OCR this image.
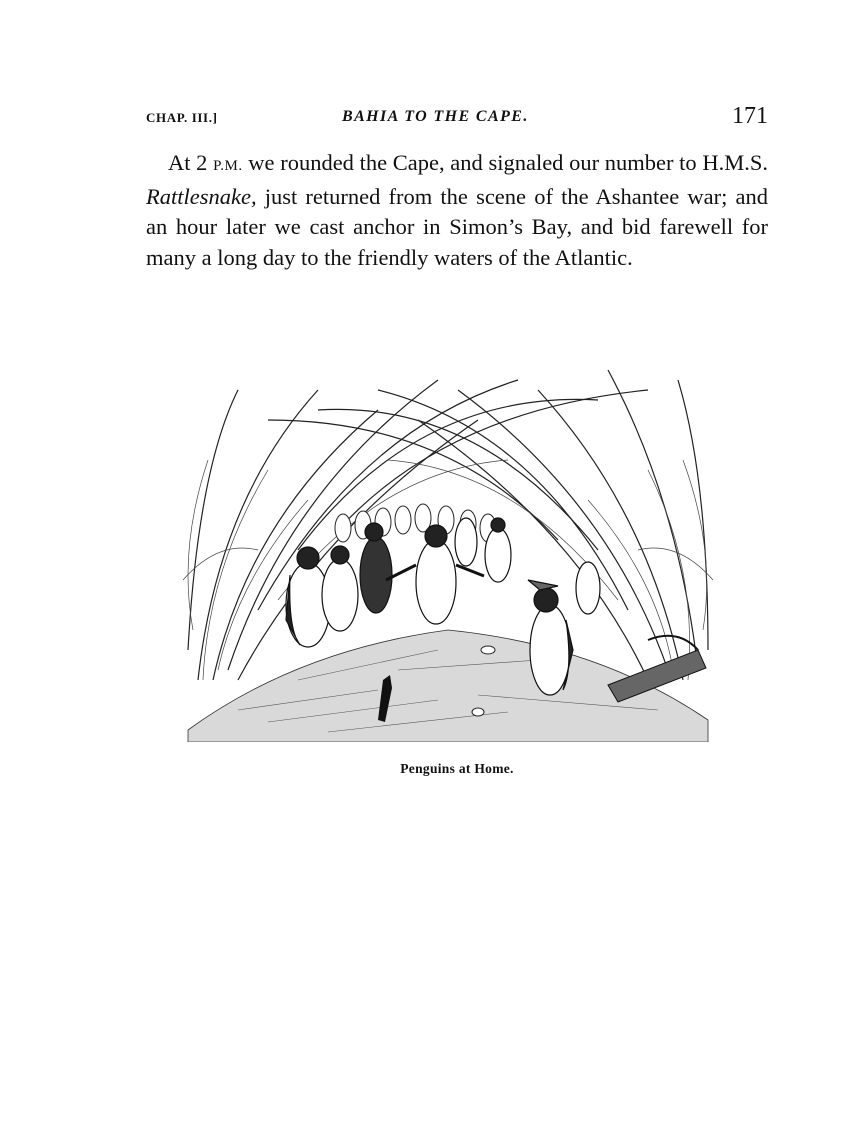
CHAP. III.]	BAHIA TO THE CAPE.	171
At 2 P.M. we rounded the Cape, and signaled our number to H.M.S. Rattlesnake, just returned from the scene of the Ashantee war; and an hour later we cast anchor in Simon’s Bay, and bid farewell for many a long day to the friendly waters of the Atlantic.
Penguins at Home.
